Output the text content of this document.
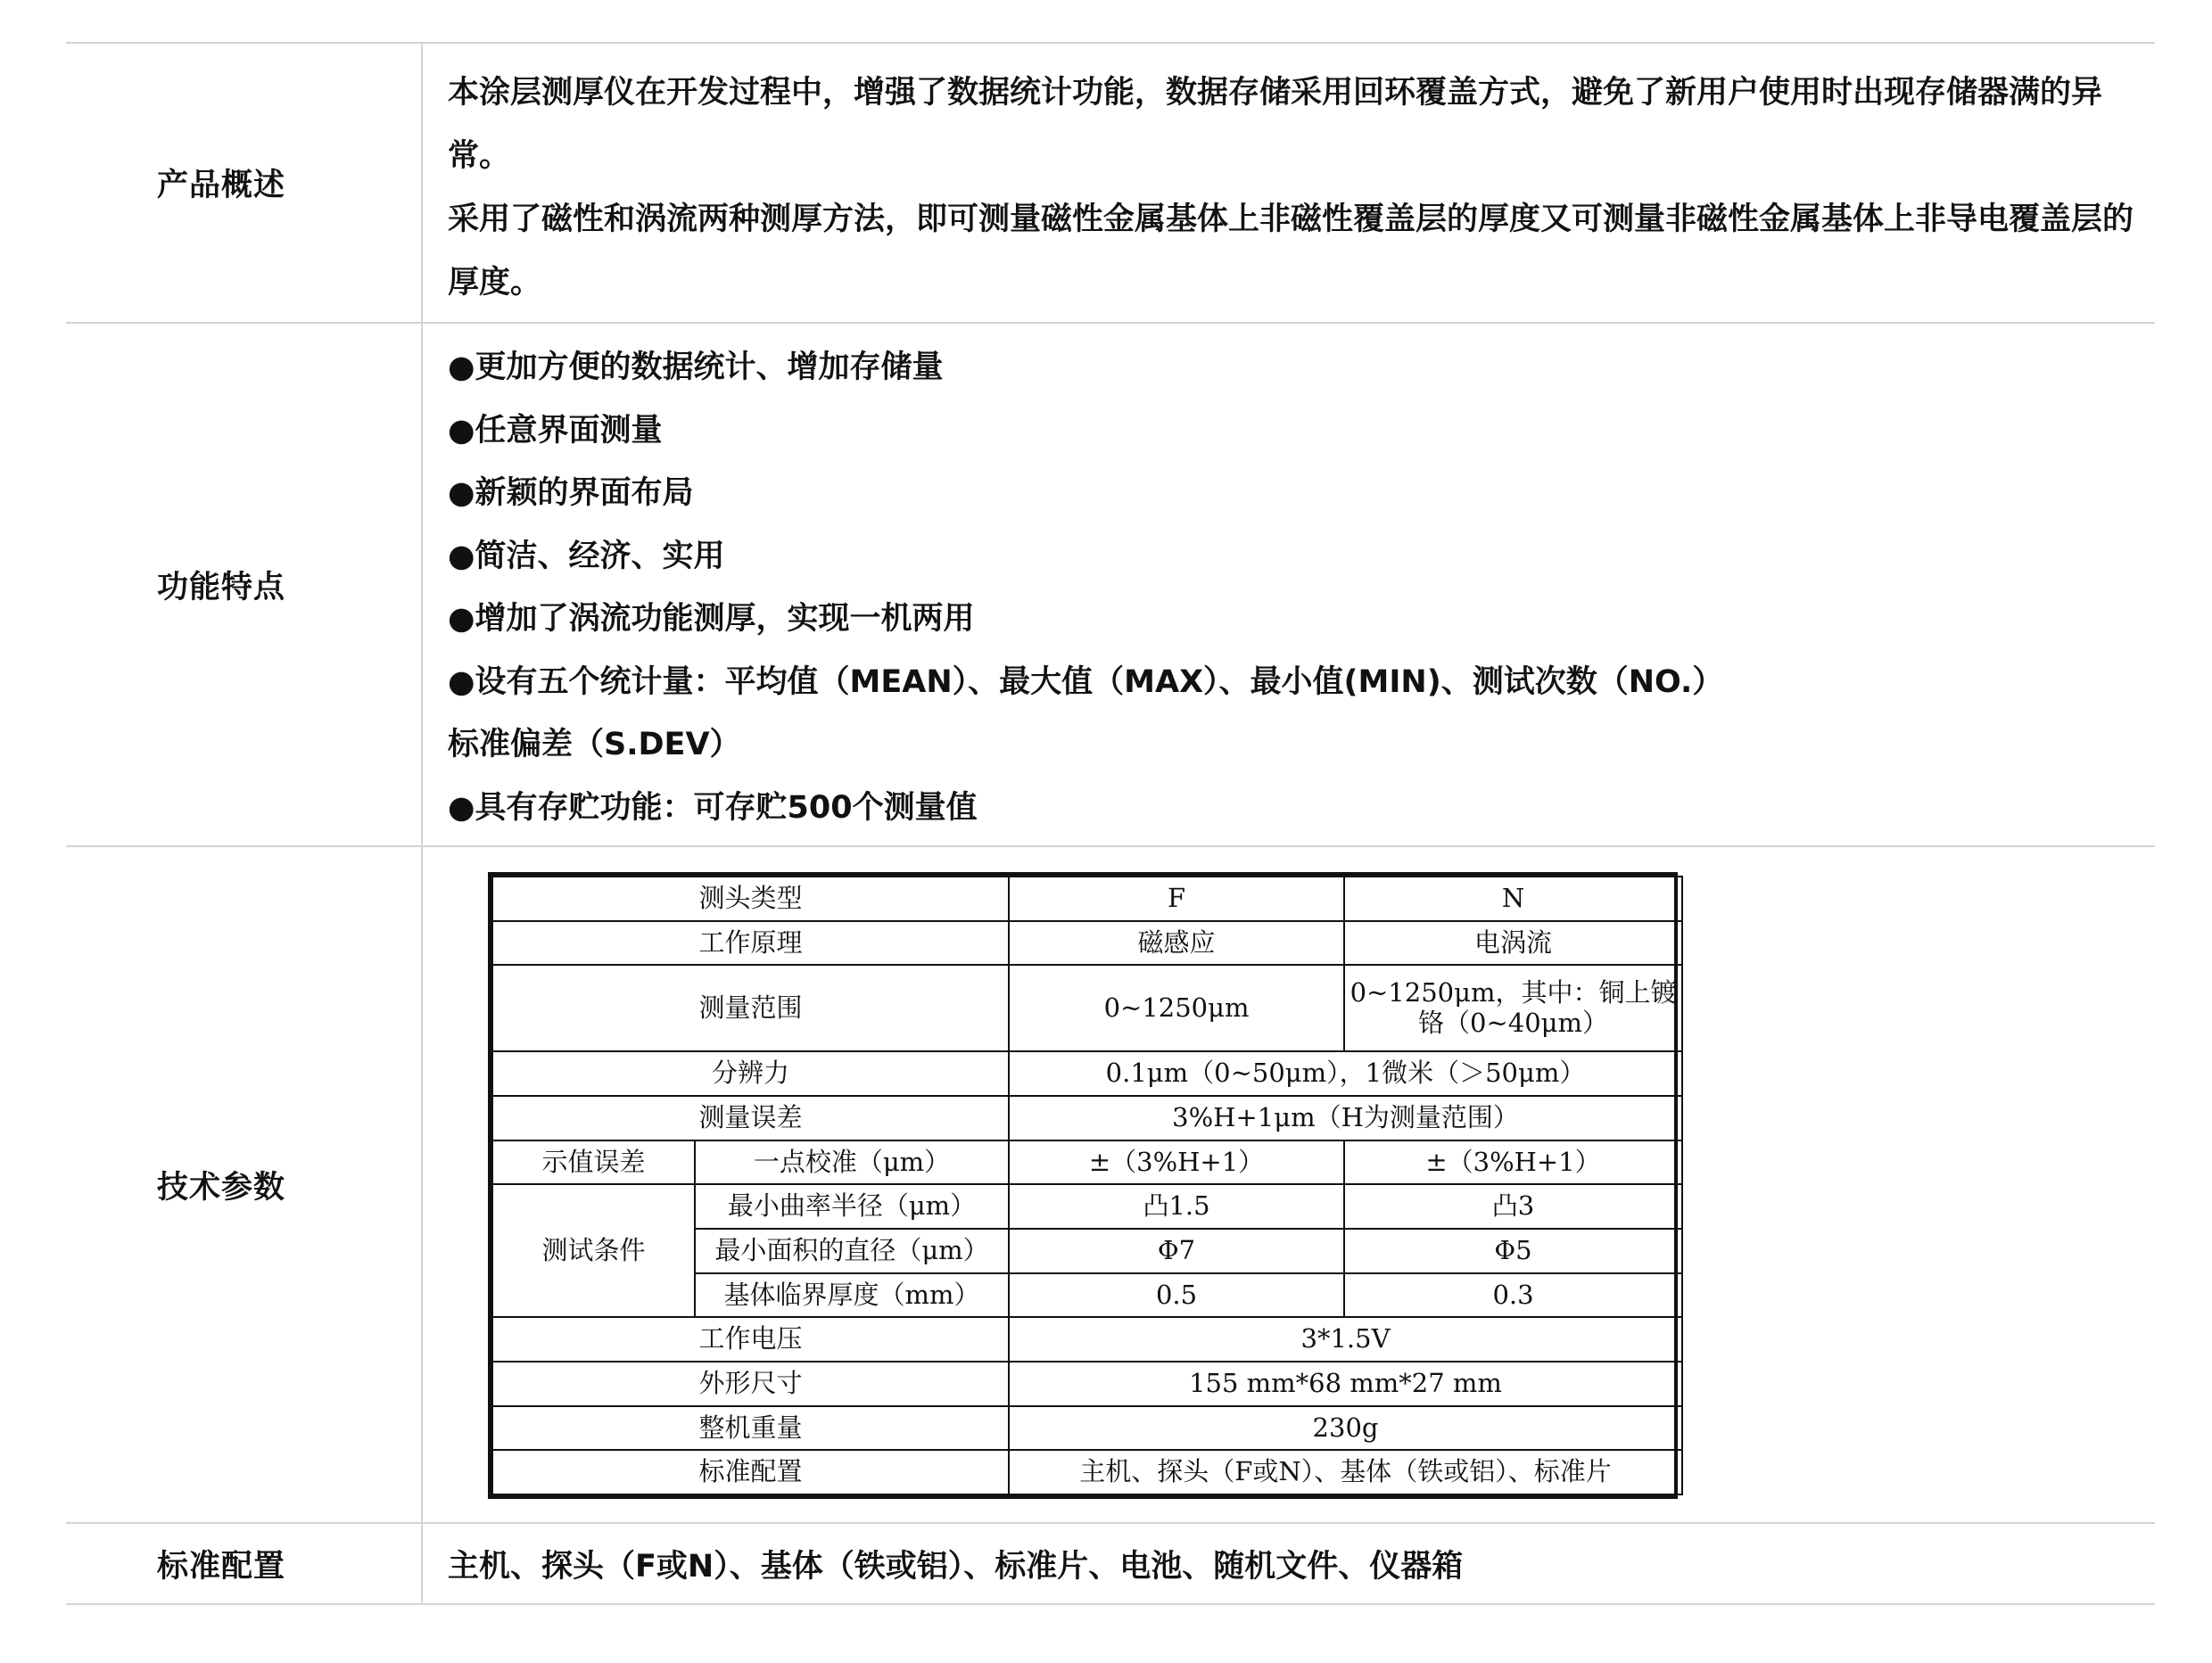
产品概述

本涂层测厚仪在开发过程中，增强了数据统计功能，数据存储采用回环覆盖方式，避免了新用户使用时出现存储器满的异常。

采用了磁性和涡流两种测厚方法，即可测量磁性金属基体上非磁性覆盖层的厚度又可测量非磁性金属基体上非导电覆盖层的厚度。

功能特点

●更加方便的数据统计、增加存储量

●任意界面测量

●新颖的界面布局

●简洁、经济、实用

●增加了涡流功能测厚，实现一机两用

●设有五个统计量：平均值（MEAN）、最大值（MAX）、最小值(MIN)、测试次数（NO.）

标准偏差（S.DEV）

●具有存贮功能：可存贮500个测量值

技术参数
测头类型		F	N
工作原理		磁感应	电涡流
测量范围		0~1250μm	0~1250μm，其中：铜上镀铬（0~40μm）
分辨力		0.1μm（0~50μm），1微米（＞50μm）	
测量误差		3%H+1μm（H为测量范围）	
示值误差	一点校准（μm）	±（3%H+1）	±（3%H+1）
测试条件	最小曲率半径（μm）	凸1.5	凸3
	最小面积的直径（μm）	Φ7	Φ5
	基体临界厚度（mm）	0.5	0.3
工作电压		3*1.5V	
外形尺寸		155 mm*68 mm*27 mm	
整机重量		230g	
标准配置		主机、探头（F或N）、基体（铁或铝）、标准片	
标准配置	主机、探头（F或N）、基体（铁或铝）、标准片、电池、随机文件、仪器箱
